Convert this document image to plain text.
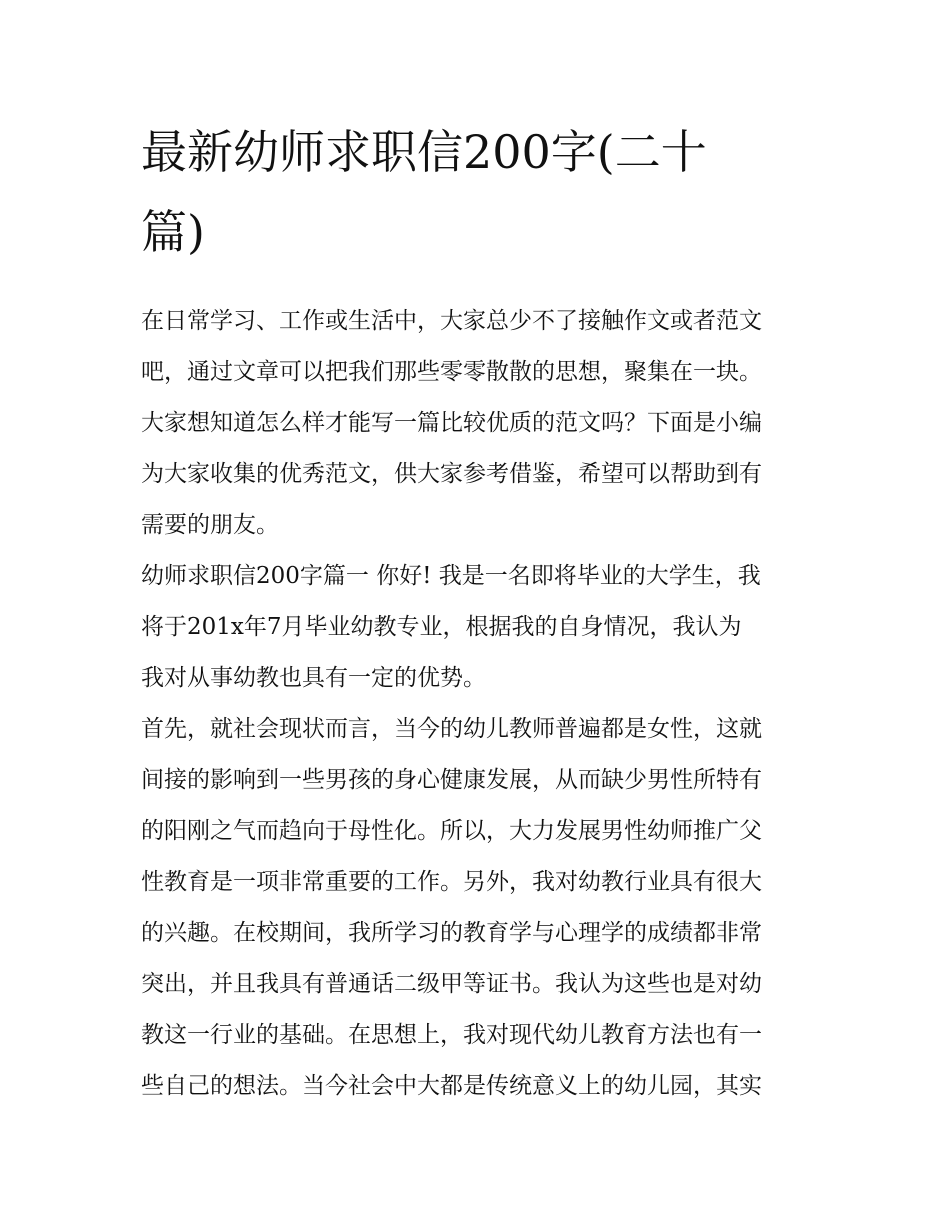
最新幼师求职信200字(二十
篇)

在日常学习、工作或生活中，大家总少不了接触作文或者范文
吧，通过文章可以把我们那些零零散散的思想，聚集在一块。
大家想知道怎么样才能写一篇比较优质的范文吗？下面是小编
为大家收集的优秀范文，供大家参考借鉴，希望可以帮助到有
需要的朋友。

幼师求职信200字篇一 你好! 我是一名即将毕业的大学生，我
将于201x年7月毕业幼教专业，根据我的自身情况，我认为
我对从事幼教也具有一定的优势。

首先，就社会现状而言，当今的幼儿教师普遍都是女性，这就
间接的影响到一些男孩的身心健康发展，从而缺少男性所特有
的阳刚之气而趋向于母性化。所以，大力发展男性幼师推广父
性教育是一项非常重要的工作。另外，我对幼教行业具有很大
的兴趣。在校期间，我所学习的教育学与心理学的成绩都非常
突出，并且我具有普通话二级甲等证书。我认为这些也是对幼
教这一行业的基础。在思想上，我对现代幼儿教育方法也有一
些自己的想法。当今社会中大都是传统意义上的幼儿园，其实
